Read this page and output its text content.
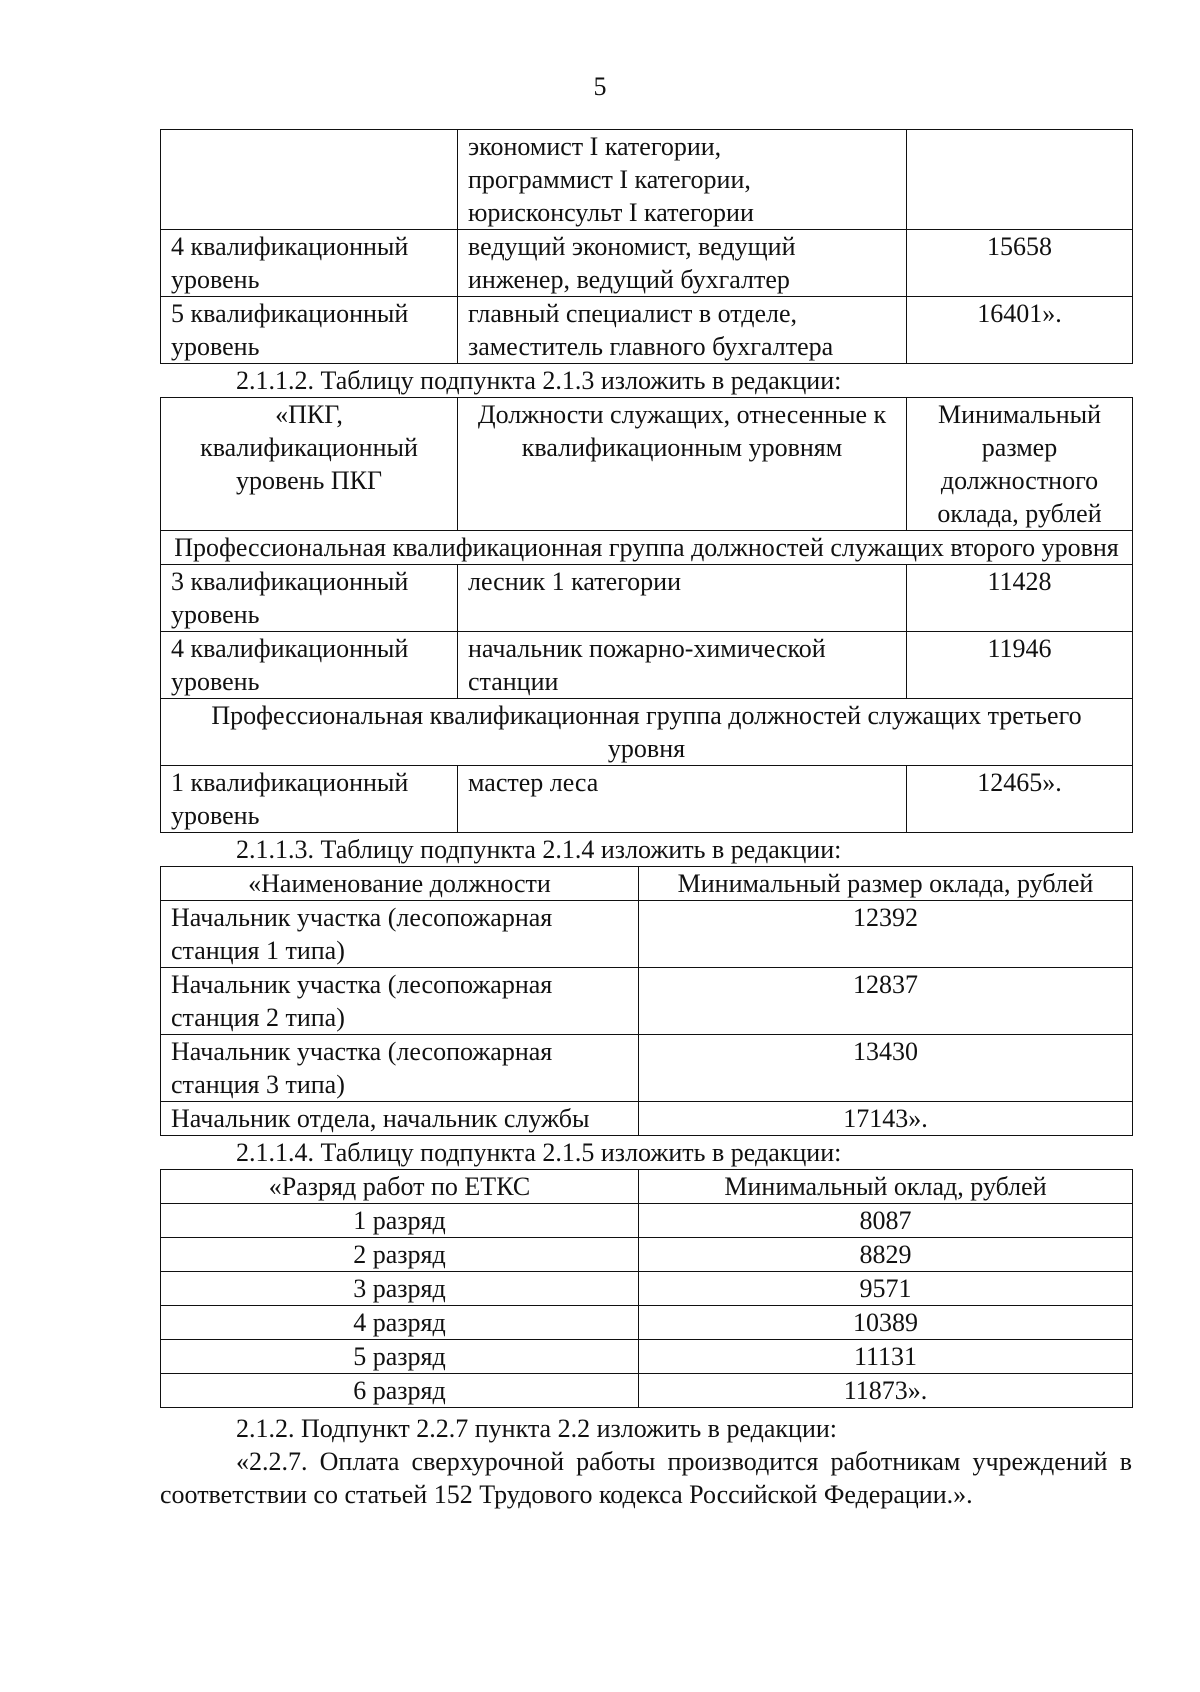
5

	экономист I категории,
программист I категории,
юрисконсульт I категории	

4 квалификационный уровень	ведущий экономист, ведущий инженер, ведущий бухгалтер	15658
5 квалификационный уровень	главный специалист в отделе, заместитель главного бухгалтера	16401».
2.1.1.2. Таблицу подпункта 2.1.3 изложить в редакции:
«ПКГ, квалификационный уровень ПКГ	Должности служащих, отнесенные к квалификационным уровням	Минимальный размер должностного оклада, рублей
Профессиональная квалификационная группа должностей служащих второго уровня		
3 квалификационный уровень	лесник 1 категории	11428
4 квалификационный уровень	начальник пожарно-химической станции	11946
Профессиональная квалификационная группа должностей служащих третьего уровня		
1 квалификационный уровень	мастер леса	12465».
2.1.1.3. Таблицу подпункта 2.1.4 изложить в редакции:
«Наименование должности	Минимальный размер оклада, рублей
Начальник участка (лесопожарная станция 1 типа)	12392
Начальник участка (лесопожарная станция 2 типа)	12837
Начальник участка (лесопожарная станция 3 типа)	13430
Начальник отдела, начальник службы	17143».
2.1.1.4. Таблицу подпункта 2.1.5 изложить в редакции:
«Разряд работ по ЕТКС	Минимальный оклад, рублей
1 разряд	8087
2 разряд	8829
3 разряд	9571
4 разряд	10389
5 разряд	11131
6 разряд	11873».
2.1.2. Подпункт 2.2.7 пункта 2.2 изложить в редакции:

«2.2.7. Оплата сверхурочной работы производится работникам учреждений в соответствии со статьей 152 Трудового кодекса Российской Федерации.».
